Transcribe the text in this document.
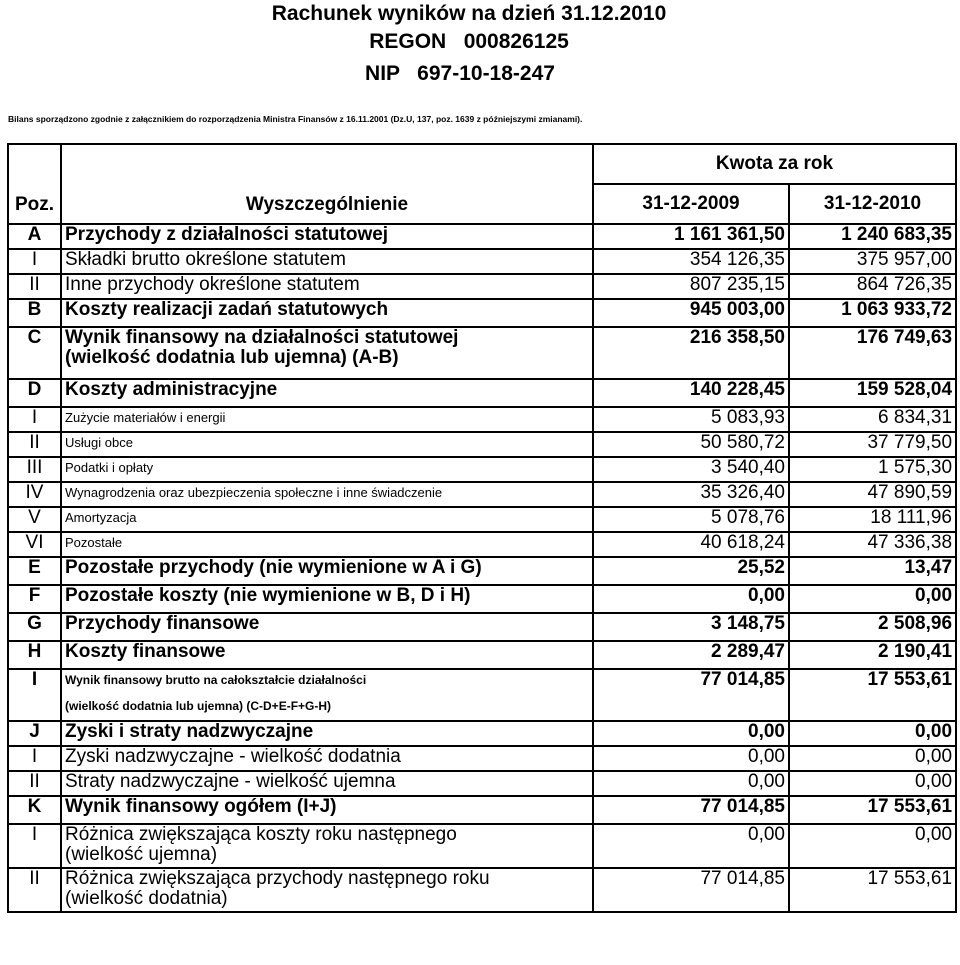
Rachunek wyników na dzień 31.12.2010
REGON   000826125
NIP   697-10-18-247
Bilans sporządzono zgodnie z załącznikiem do rozporządzenia Ministra Finansów z 16.11.2001 (Dz.U, 137, poz. 1639 z późniejszymi zmianami).
Poz.	Wyszczególnienie	Kwota za rok	
		31-12-2009	31-12-2010
A	Przychody z działalności statutowej	1 161 361,50	1 240 683,35
I	Składki brutto określone statutem	354 126,35	375 957,00
II	Inne przychody określone statutem	807 235,15	864 726,35
B	Koszty realizacji zadań statutowych	945 003,00	1 063 933,72
C	Wynik finansowy na działalności statutowej
(wielkość dodatnia lub ujemna) (A-B)	216 358,50	176 749,63
D	Koszty administracyjne	140 228,45	159 528,04
I	Zużycie materiałów i energii	5 083,93	6 834,31
II	Usługi obce	50 580,72	37 779,50
III	Podatki i opłaty	3 540,40	1 575,30
IV	Wynagrodzenia oraz ubezpieczenia społeczne i inne świadczenie	35 326,40	47 890,59
V	Amortyzacja	5 078,76	18 111,96
VI	Pozostałe	40 618,24	47 336,38
E	Pozostałe przychody (nie wymienione w A i G)	25,52	13,47
F	Pozostałe koszty (nie wymienione w B, D i H)	0,00	0,00
G	Przychody finansowe	3 148,75	2 508,96
H	Koszty finansowe	2 289,47	2 190,41
I	Wynik finansowy brutto na całokształcie działalności
(wielkość dodatnia lub ujemna) (C-D+E-F+G-H)	77 014,85	17 553,61
J	Zyski i straty nadzwyczajne	0,00	0,00
I	Zyski nadzwyczajne - wielkość dodatnia	0,00	0,00
II	Straty nadzwyczajne - wielkość ujemna	0,00	0,00
K	Wynik finansowy ogółem (I+J)	77 014,85	17 553,61
I	Różnica zwiększająca koszty roku następnego
(wielkość ujemna)	0,00	0,00
II	Różnica zwiększająca przychody następnego roku
(wielkość dodatnia)	77 014,85	17 553,61
